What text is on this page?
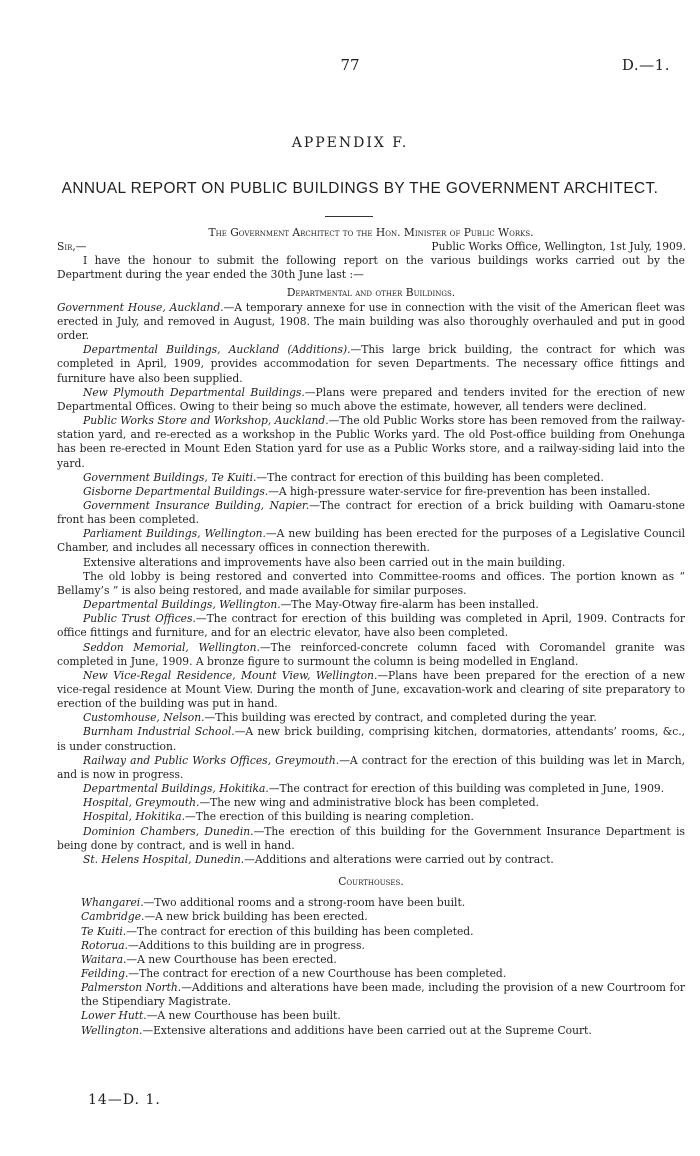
77	D.—1.
APPENDIX F.
ANNUAL REPORT ON PUBLIC BUILDINGS BY THE GOVERNMENT ARCHITECT.

The Government Architect to the Hon. Minister of Public Works.

Sir,—	Public Works Office, Wellington, 1st July, 1909.

I have the honour to submit the following report on the various buildings works carried out by the Department during the year ended the 30th June last :—

Departmental and other Buildings.

Government House, Auckland.—A temporary annexe for use in connection with the visit of the American fleet was erected in July, and removed in August, 1908. The main building was also thoroughly overhauled and put in good order.

Departmental Buildings, Auckland (Additions).—This large brick building, the contract for which was completed in April, 1909, provides accommodation for seven Departments. The necessary office fittings and furniture have also been supplied.

New Plymouth Departmental Buildings.—Plans were prepared and tenders invited for the erection of new Departmental Offices. Owing to their being so much above the estimate, however, all tenders were declined.

Public Works Store and Workshop, Auckland.—The old Public Works store has been removed from the railway-station yard, and re-erected as a workshop in the Public Works yard. The old Post-office building from Onehunga has been re-erected in Mount Eden Station yard for use as a Public Works store, and a railway-siding laid into the yard.

Government Buildings, Te Kuiti.—The contract for erection of this building has been completed.

Gisborne Departmental Buildings.—A high-pressure water-service for fire-prevention has been installed.

Government Insurance Building, Napier.—The contract for erection of a brick building with Oamaru-stone front has been completed.

Parliament Buildings, Wellington.—A new building has been erected for the purposes of a Legislative Council Chamber, and includes all necessary offices in connection therewith.

Extensive alterations and improvements have also been carried out in the main building.

The old lobby is being restored and converted into Committee-rooms and offices. The portion known as “ Bellamy’s ” is also being restored, and made available for similar purposes.

Departmental Buildings, Wellington.—The May-Otway fire-alarm has been installed.

Public Trust Offices.—The contract for erection of this building was completed in April, 1909. Contracts for office fittings and furniture, and for an electric elevator, have also been completed.

Seddon Memorial, Wellington.—The reinforced-concrete column faced with Coromandel granite was completed in June, 1909. A bronze figure to surmount the column is being modelled in England.

New Vice-Regal Residence, Mount View, Wellington.—Plans have been prepared for the erection of a new vice-regal residence at Mount View. During the month of June, excavation-work and clearing of site preparatory to erection of the building was put in hand.

Customhouse, Nelson.—This building was erected by contract, and completed during the year.

Burnham Industrial School.—A new brick building, comprising kitchen, dormatories, attendants’ rooms, &c., is under construction.

Railway and Public Works Offices, Greymouth.—A contract for the erection of this building was let in March, and is now in progress.

Departmental Buildings, Hokitika.—The contract for erection of this building was completed in June, 1909.

Hospital, Greymouth.—The new wing and administrative block has been completed.

Hospital, Hokitika.—The erection of this building is nearing completion.

Dominion Chambers, Dunedin.—The erection of this building for the Government Insurance Department is being done by contract, and is well in hand.

St. Helens Hospital, Dunedin.—Additions and alterations were carried out by contract.

Courthouses.

Whangarei.—Two additional rooms and a strong-room have been built.

Cambridge.—A new brick building has been erected.

Te Kuiti.—The contract for erection of this building has been completed.

Rotorua.—Additions to this building are in progress.

Waitara.—A new Courthouse has been erected.

Feilding.—The contract for erection of a new Courthouse has been completed.

Palmerston North.—Additions and alterations have been made, including the provision of a new Courtroom for the Stipendiary Magistrate.

Lower Hutt.—A new Courthouse has been built.

Wellington.—Extensive alterations and additions have been carried out at the Supreme Court.

14—D. 1.
